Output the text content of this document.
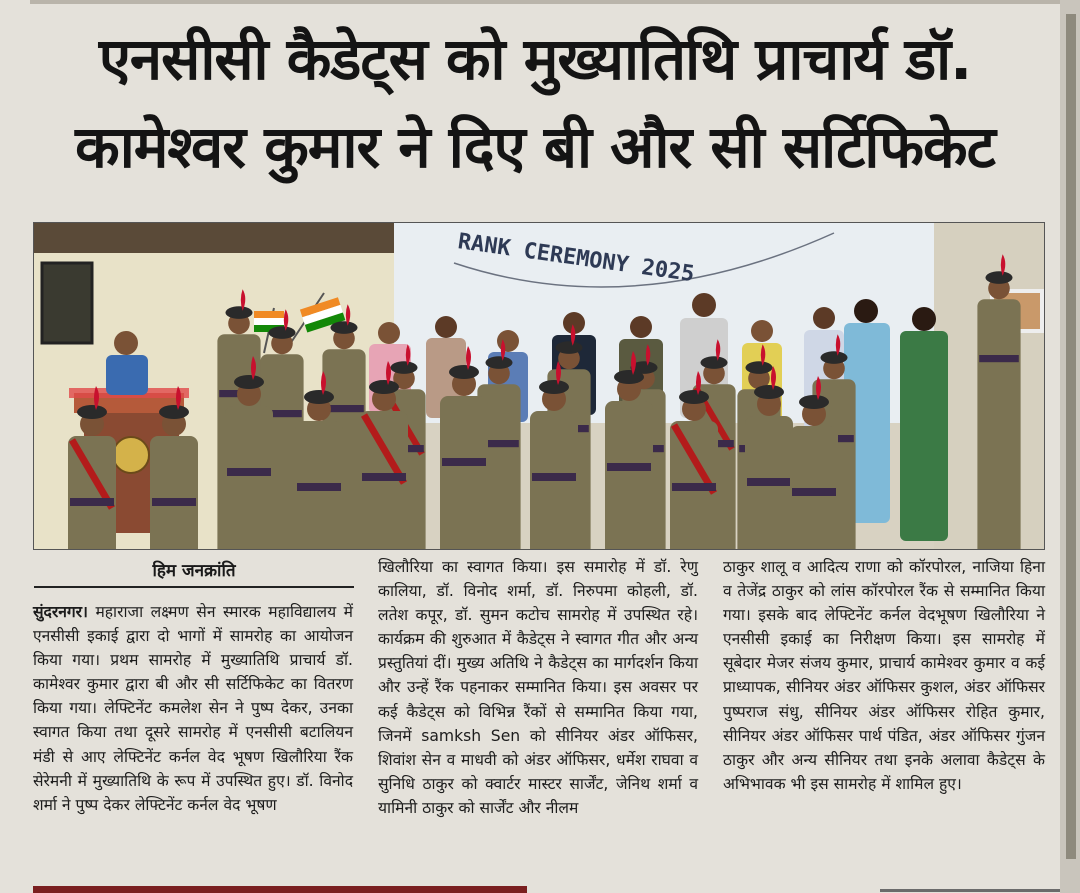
एनसीसी कैडेट्स को मुख्यातिथि प्राचार्य डॉ.
कामेश्वर कुमार ने दिए बी और सी सर्टिफिकेट
RANK CEREMONY 2025
हिम जनक्रांति
सुंदरनगर। महाराजा लक्ष्मण सेन स्मारक महाविद्यालय में एनसीसी इकाई द्वारा दो भागों में सामरोह का आयोजन किया गया। प्रथम सामरोह में मुख्यातिथि प्राचार्य डॉ. कामेश्वर कुमार द्वारा बी और सी सर्टिफिकेट का वितरण किया गया। लेफ्टिनेंट कमलेश सेन ने पुष्प देकर, उनका स्वागत किया तथा दूसरे सामरोह में एनसीसी बटालियन मंडी से आए लेफ्टिनेंट कर्नल वेद भूषण खिलौरिया रैंक सेरेमनी में मुख्यातिथि के रूप में उपस्थित हुए। डॉ. विनोद शर्मा ने पुष्प देकर लेफ्टिनेंट कर्नल वेद भूषण
खिलौरिया का स्वागत किया। इस समारोह में डॉ. रेणु कालिया, डॉ. विनोद शर्मा, डॉ. निरुपमा कोहली, डॉ. लतेश कपूर, डॉ. सुमन कटोच सामरोह में उपस्थित रहे। कार्यक्रम की शुरुआत में कैडेट्स ने स्वागत गीत और अन्य प्रस्तुतियां दीं। मुख्य अतिथि ने कैडेट्स का मार्गदर्शन किया और उन्हें रैंक पहनाकर सम्मानित किया। इस अवसर पर कई कैडेट्स को विभिन्न रैंकों से सम्मानित किया गया, जिनमें samksh Sen को सीनियर अंडर ऑफिसर, शिवांश सेन व माधवी को अंडर ऑफिसर, धर्मेश राघवा व सुनिधि ठाकुर को क्वार्टर मास्टर सार्जेंट, जेनिथ शर्मा व यामिनी ठाकुर को सार्जेंट और नीलम
ठाकुर शालू व आदित्य राणा को कॉरपोरल, नाजिया हिना व तेजेंद्र ठाकुर को लांस कॉरपोरल रैंक से सम्मानित किया गया। इसके बाद लेफ्टिनेंट कर्नल वेदभूषण खिलौरिया ने एनसीसी इकाई का निरीक्षण किया। इस सामरोह में सूबेदार मेजर संजय कुमार, प्राचार्य कामेश्वर कुमार व कई प्राध्यापक, सीनियर अंडर ऑफिसर कुशल, अंडर ऑफिसर पुष्पराज संधु, सीनियर अंडर ऑफिसर रोहित कुमार, सीनियर अंडर ऑफिसर पार्थ पंडित, अंडर ऑफिसर गुंजन ठाकुर और अन्य सीनियर तथा इनके अलावा कैडेट्स के अभिभावक भी इस सामरोह में शामिल हुए।
